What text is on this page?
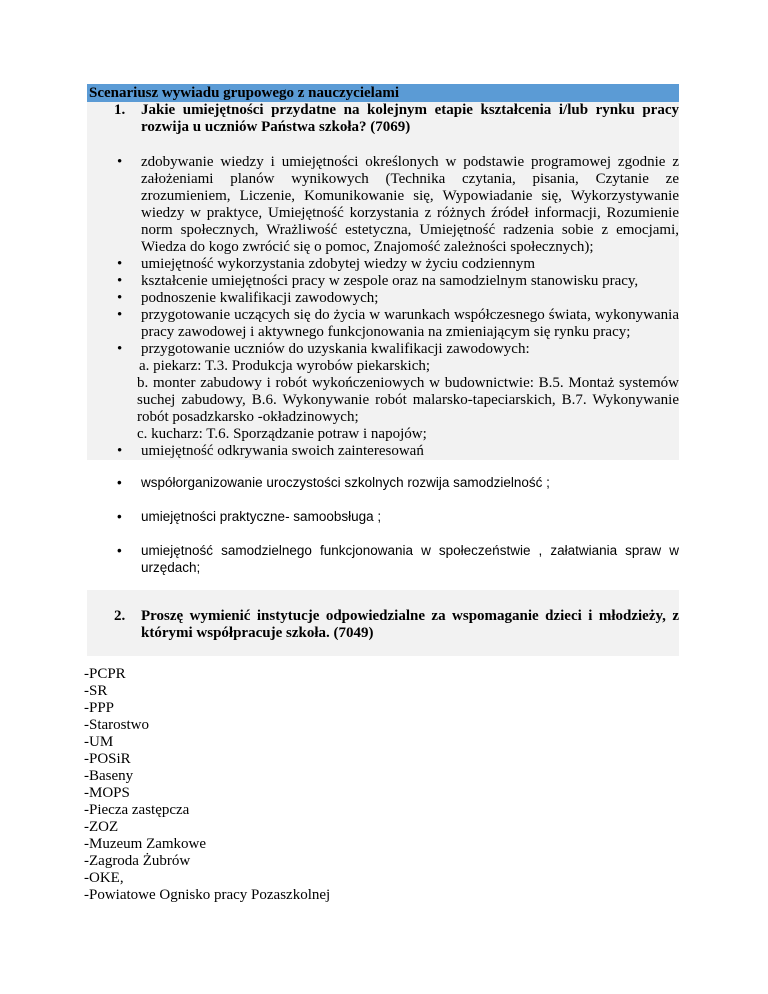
Scenariusz wywiadu grupowego z nauczycielami
1. Jakie umiejętności przydatne na kolejnym etapie kształcenia i/lub rynku pracy rozwija u uczniów Państwa szkoła? (7069)
• zdobywanie wiedzy i umiejętności określonych w podstawie programowej zgodnie z założeniami planów wynikowych (Technika czytania, pisania, Czytanie ze zrozumieniem, Liczenie, Komunikowanie się, Wypowiadanie się, Wykorzystywanie wiedzy w praktyce, Umiejętność korzystania z różnych źródeł informacji, Rozumienie norm społecznych, Wrażliwość estetyczna, Umiejętność radzenia sobie z emocjami, Wiedza do kogo zwrócić się o pomoc, Znajomość zależności społecznych);
• umiejętność wykorzystania zdobytej wiedzy w życiu codziennym
• kształcenie umiejętności pracy w zespole oraz na samodzielnym stanowisku pracy,
• podnoszenie kwalifikacji zawodowych;
• przygotowanie uczących się do życia w warunkach współczesnego świata, wykonywania pracy zawodowej i aktywnego funkcjonowania na zmieniającym się rynku pracy;
• przygotowanie uczniów do uzyskania kwalifikacji zawodowych:
a. piekarz: T.3. Produkcja wyrobów piekarskich;
b. monter zabudowy i robót wykończeniowych w budownictwie: B.5. Montaż systemów suchej zabudowy, B.6. Wykonywanie robót malarsko-tapeciarskich, B.7. Wykonywanie robót posadzkarsko -okładzinowych;
c. kucharz: T.6. Sporządzanie potraw i napojów;
• umiejętność odkrywania swoich zainteresowań
• współorganizowanie uroczystości szkolnych rozwija samodzielność ;
• umiejętności praktyczne- samoobsługa ;
• umiejętność samodzielnego funkcjonowania w społeczeństwie , załatwiania spraw w urzędach;
2. Proszę wymienić instytucje odpowiedzialne za wspomaganie dzieci i młodzieży, z którymi współpracuje szkoła. (7049)
-PCPR
-SR
-PPP
-Starostwo
-UM
-POSiR
-Baseny
-MOPS
-Piecza zastępcza
-ZOZ
-Muzeum Zamkowe
-Zagroda Żubrów
-OKE,
-Powiatowe Ognisko pracy Pozaszkolnej
